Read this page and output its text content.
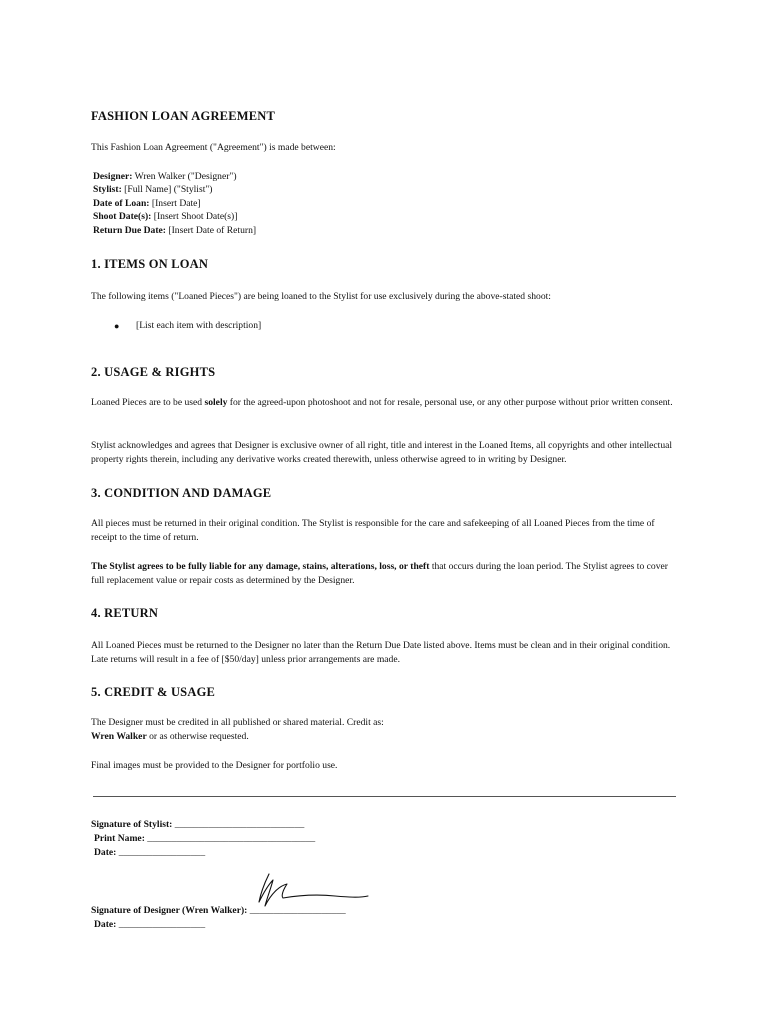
FASHION LOAN AGREEMENT
This Fashion Loan Agreement ("Agreement") is made between:
Designer: Wren Walker ("Designer")
Stylist: [Full Name] ("Stylist")
Date of Loan: [Insert Date]
Shoot Date(s): [Insert Shoot Date(s)]
Return Due Date: [Insert Date of Return]
1. ITEMS ON LOAN
The following items ("Loaned Pieces") are being loaned to the Stylist for use exclusively during the above-stated shoot:
● [List each item with description]
2. USAGE & RIGHTS
Loaned Pieces are to be used solely for the agreed-upon photoshoot and not for resale, personal use, or any other purpose without prior written consent.
Stylist acknowledges and agrees that Designer is exclusive owner of all right, title and interest in the Loaned Items, all copyrights and other intellectual property rights therein, including any derivative works created therewith, unless otherwise agreed to in writing by Designer.
3. CONDITION AND DAMAGE
All pieces must be returned in their original condition. The Stylist is responsible for the care and safekeeping of all Loaned Pieces from the time of receipt to the time of return.
The Stylist agrees to be fully liable for any damage, stains, alterations, loss, or theft that occurs during the loan period. The Stylist agrees to cover full replacement value or repair costs as determined by the Designer.
4. RETURN
All Loaned Pieces must be returned to the Designer no later than the Return Due Date listed above. Items must be clean and in their original condition. Late returns will result in a fee of [$50/day] unless prior arrangements are made.
5. CREDIT & USAGE
The Designer must be credited in all published or shared material. Credit as:
Wren Walker or as otherwise requested.
Final images must be provided to the Designer for portfolio use.
Signature of Stylist: ___________________________
Print Name: ___________________________________
Date: __________________
Signature of Designer (Wren Walker): ____________________
Date: __________________
